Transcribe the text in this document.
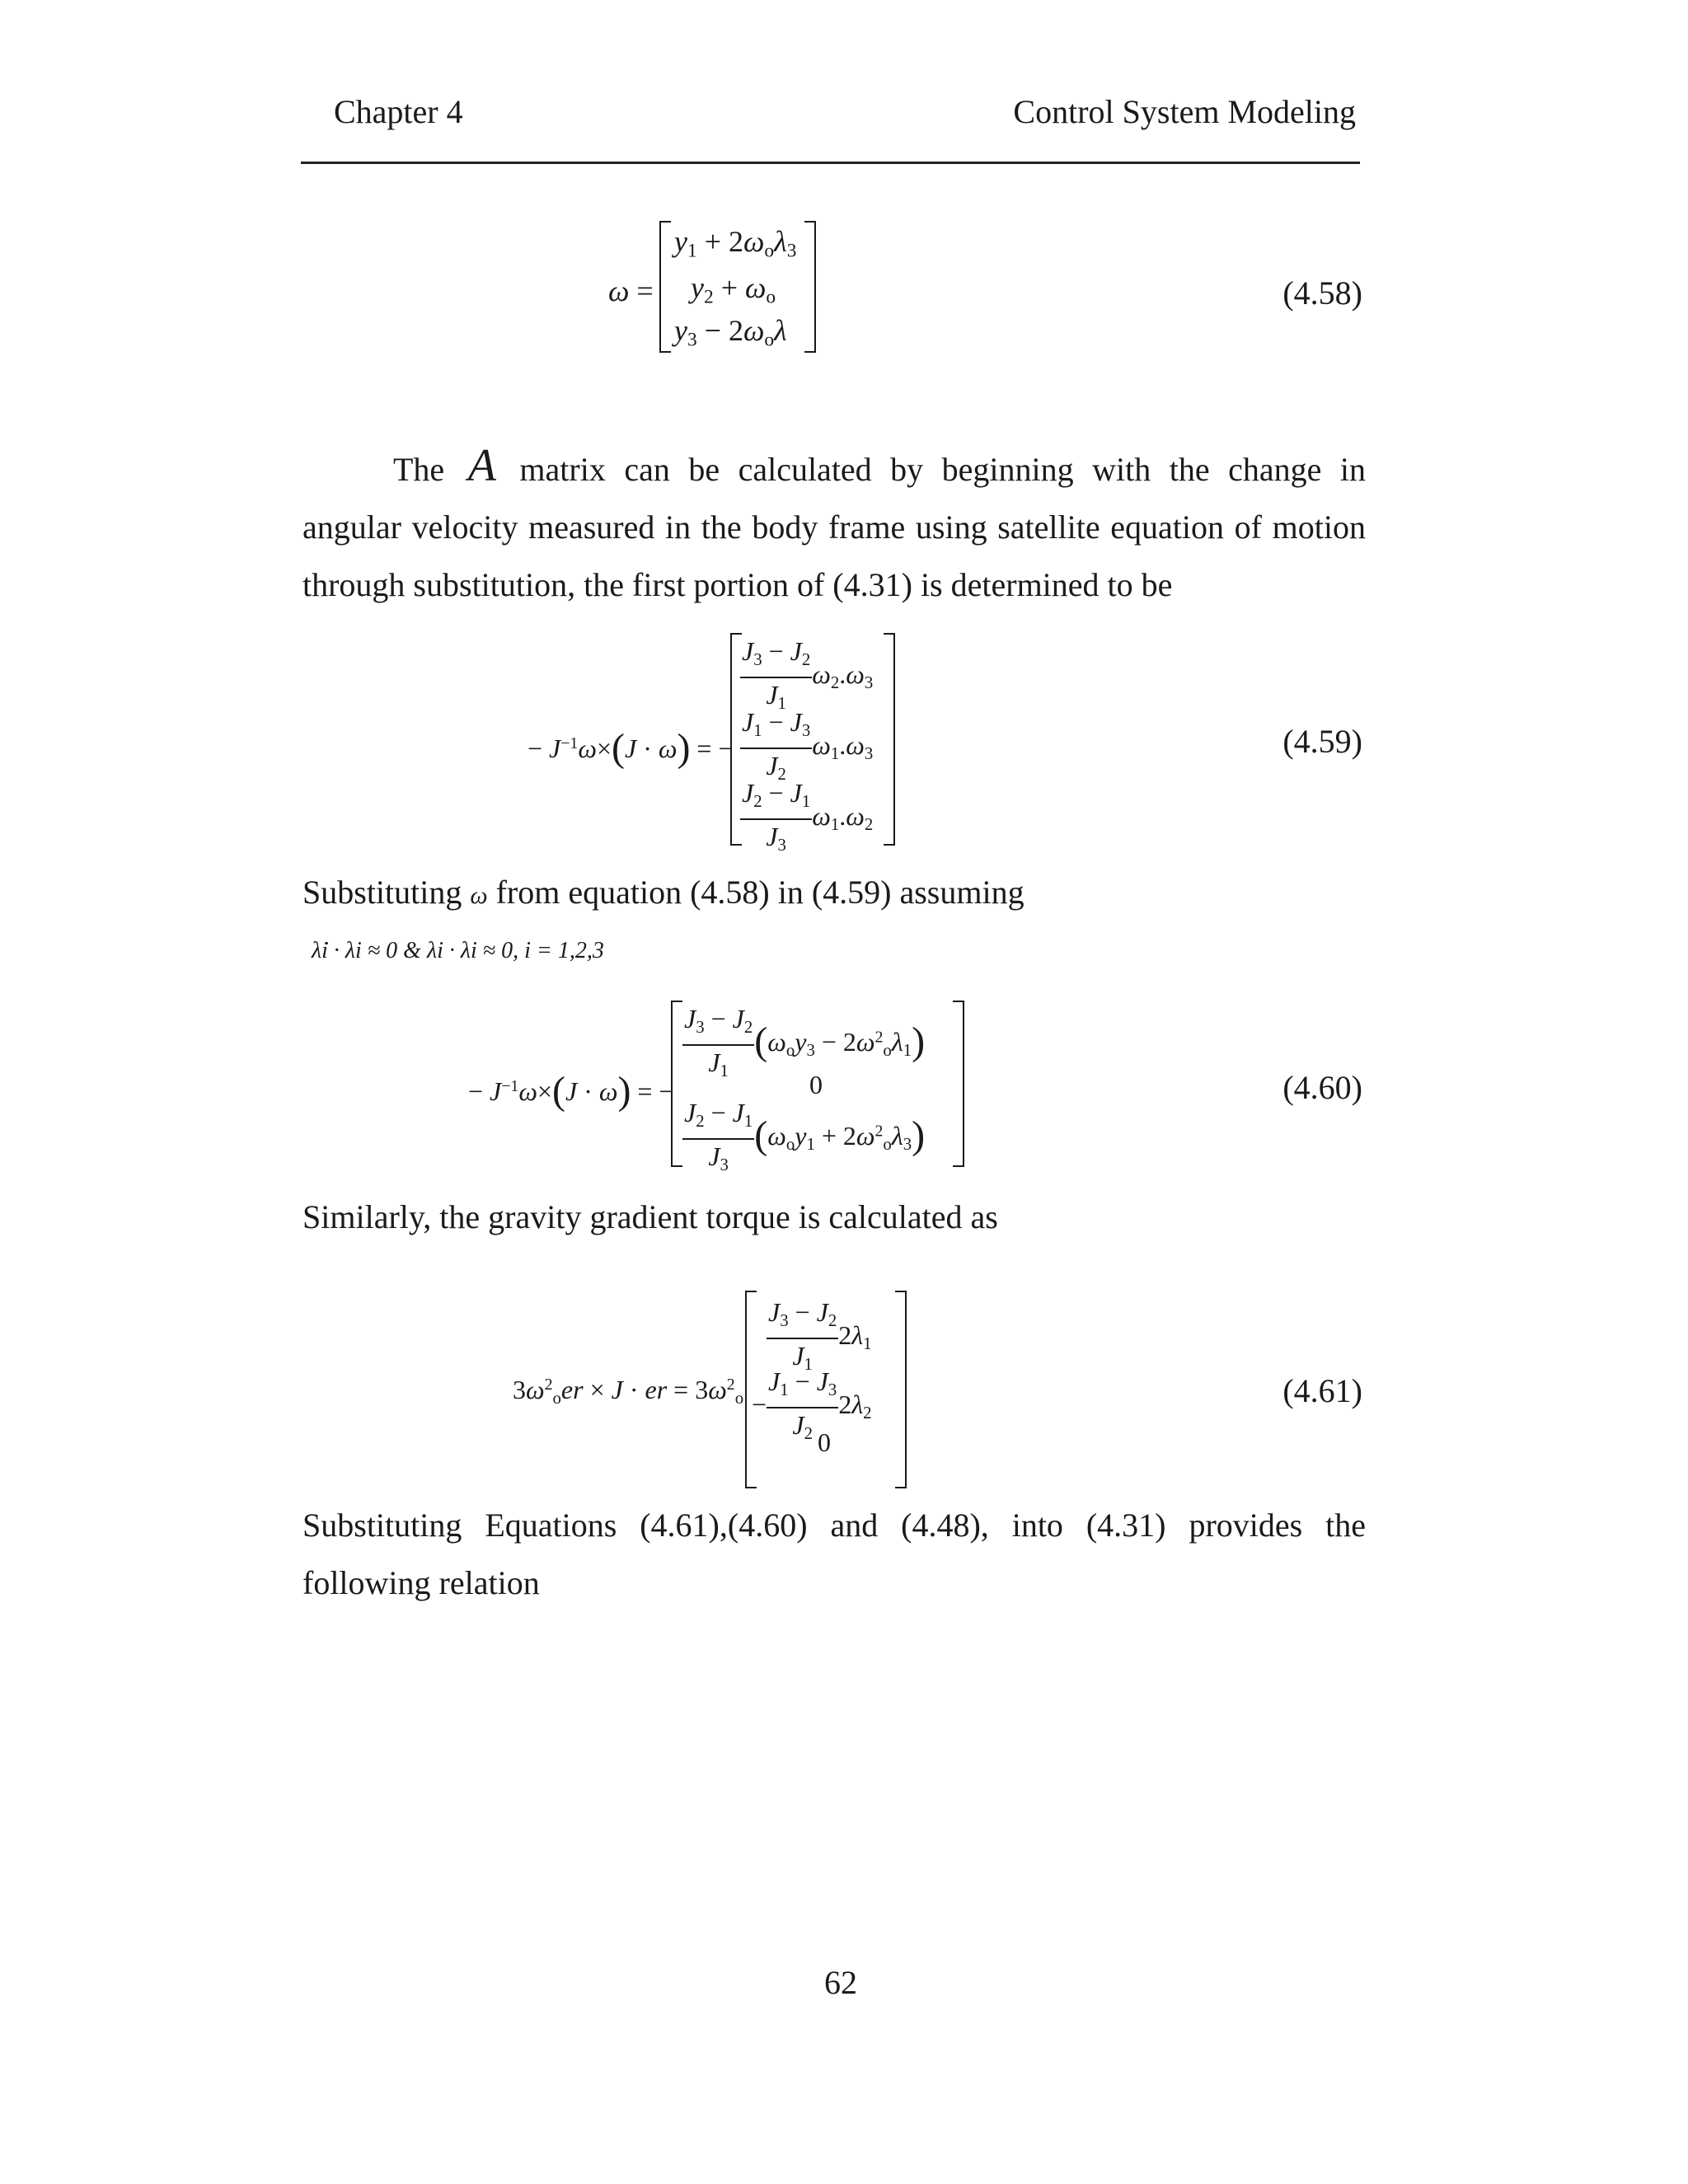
Chapter 4	Control System Modeling
ω =
$y_1 + 2\omega_o\lambda_3$
$y_2 + \omega_o$
$y_3 - 2\omega_o\lambda$
(4.58)
The A matrix can be calculated by beginning with the change in
angular velocity measured in the body frame using satellite equation of motion
through substitution, the first portion of (4.31) is determined to be
− $J^{-1}\omega\times(J \cdot \omega)$ = −
$\frac{J_3 - J_2}{J_1} \omega_2.\omega_3$
$\frac{J_1 - J_3}{J_2} \omega_1.\omega_3$
$\frac{J_2 - J_1}{J_3} \omega_1.\omega_2$
(4.59)
Substituting ω from equation (4.58) in (4.59) assuming
λ̇i · λi ≈ 0 & λi · λi ≈ 0, i = 1,2,3
− $J^{-1}\omega\times(J \cdot \omega)$ = −
$\frac{J_3 - J_2}{J_1} (\omega_oy_3 - 2\omega^2_o\lambda_1)$
0
$\frac{J_2 - J_1}{J_3} (\omega_oy_1 + 2\omega^2_o\lambda_3)$
(4.60)
Similarly, the gravity gradient torque is calculated as
$3\omega^2_oer \times J$ · er = $3\omega^2_o$
$\frac{J_3 - J_2}{J_1} 2\lambda_1$
− $\frac{J_1 - J_3}{J_2} 2\lambda_2$
0
(4.61)
Substituting Equations (4.61),(4.60) and (4.48), into (4.31) provides the
following relation
62
